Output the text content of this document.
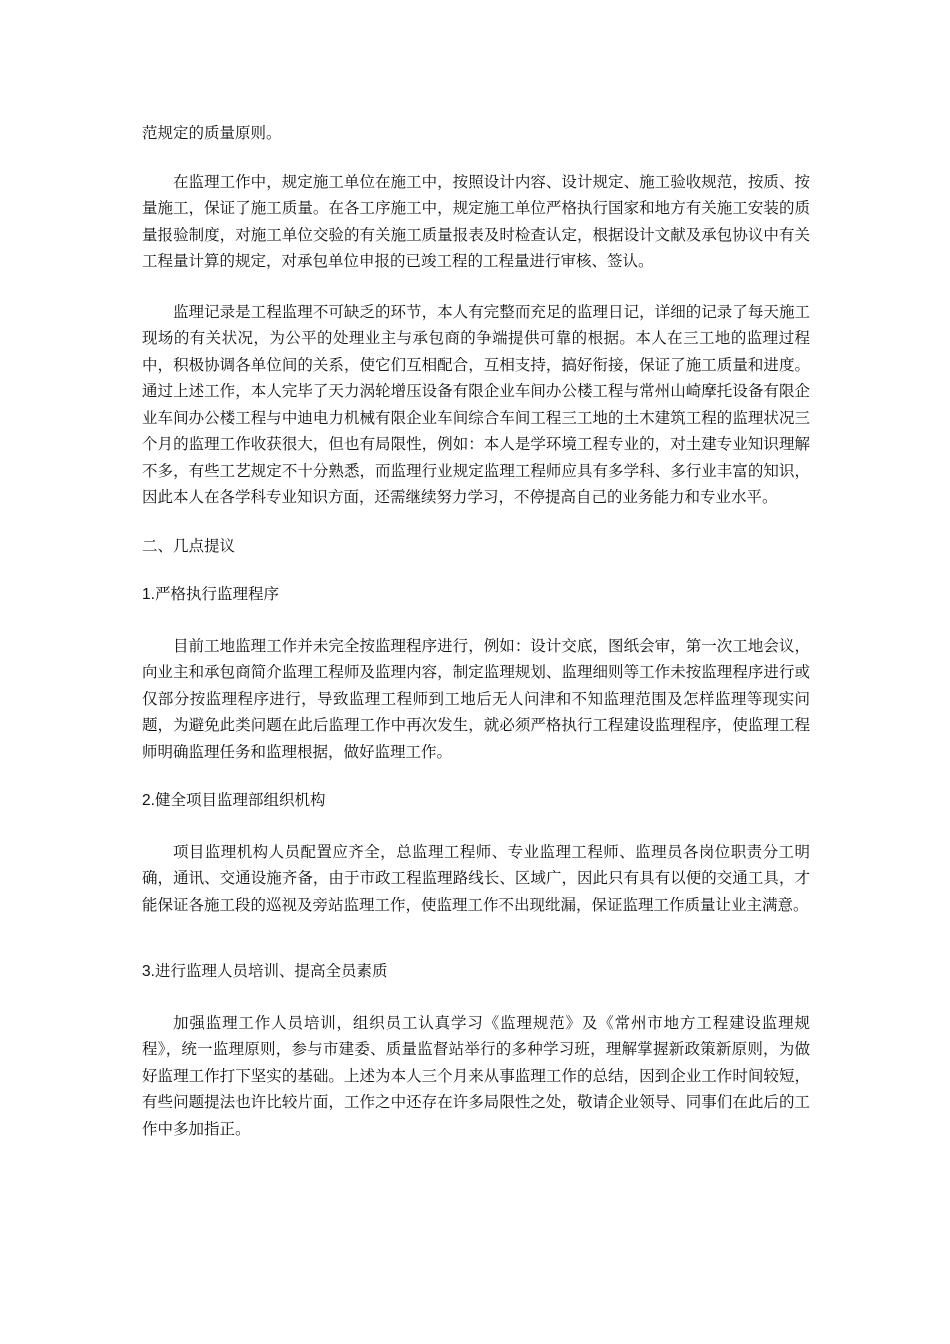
范规定的质量原则。

在监理工作中，规定施工单位在施工中，按照设计内容、设计规定、施工验收规范，按质、按量施工，保证了施工质量。在各工序施工中，规定施工单位严格执行国家和地方有关施工安装的质量报验制度，对施工单位交验的有关施工质量报表及时检查认定，根据设计文献及承包协议中有关工程量计算的规定，对承包单位申报的已竣工程的工程量进行审核、签认。

监理记录是工程监理不可缺乏的环节，本人有完整而充足的监理日记，详细的记录了每天施工现场的有关状况，为公平的处理业主与承包商的争端提供可靠的根据。本人在三工地的监理过程中，积极协调各单位间的关系，使它们互相配合，互相支持，搞好衔接，保证了施工质量和进度。通过上述工作，本人完毕了天力涡轮增压设备有限企业车间办公楼工程与常州山崎摩托设备有限企业车间办公楼工程与中迪电力机械有限企业车间综合车间工程三工地的土木建筑工程的监理状况三个月的监理工作收获很大，但也有局限性，例如：本人是学环境工程专业的，对土建专业知识理解不多，有些工艺规定不十分熟悉，而监理行业规定监理工程师应具有多学科、多行业丰富的知识，因此本人在各学科专业知识方面，还需继续努力学习，不停提高自己的业务能力和专业水平。

二、几点提议

1.严格执行监理程序

目前工地监理工作并未完全按监理程序进行，例如：设计交底，图纸会审，第一次工地会议，向业主和承包商简介监理工程师及监理内容，制定监理规划、监理细则等工作未按监理程序进行或仅部分按监理程序进行，导致监理工程师到工地后无人问津和不知监理范围及怎样监理等现实问题，为避免此类问题在此后监理工作中再次发生，就必须严格执行工程建设监理程序，使监理工程师明确监理任务和监理根据，做好监理工作。

2.健全项目监理部组织机构

项目监理机构人员配置应齐全，总监理工程师、专业监理工程师、监理员各岗位职责分工明确，通讯、交通设施齐备，由于市政工程监理路线长、区域广，因此只有具有以便的交通工具，才能保证各施工段的巡视及旁站监理工作，使监理工作不出现纰漏，保证监理工作质量让业主满意。

3.进行监理人员培训、提高全员素质

加强监理工作人员培训，组织员工认真学习《监理规范》及《常州市地方工程建设监理规程》，统一监理原则，参与市建委、质量监督站举行的多种学习班，理解掌握新政策新原则，为做好监理工作打下坚实的基础。上述为本人三个月来从事监理工作的总结，因到企业工作时间较短，有些问题提法也许比较片面，工作之中还存在许多局限性之处，敬请企业领导、同事们在此后的工作中多加指正。
